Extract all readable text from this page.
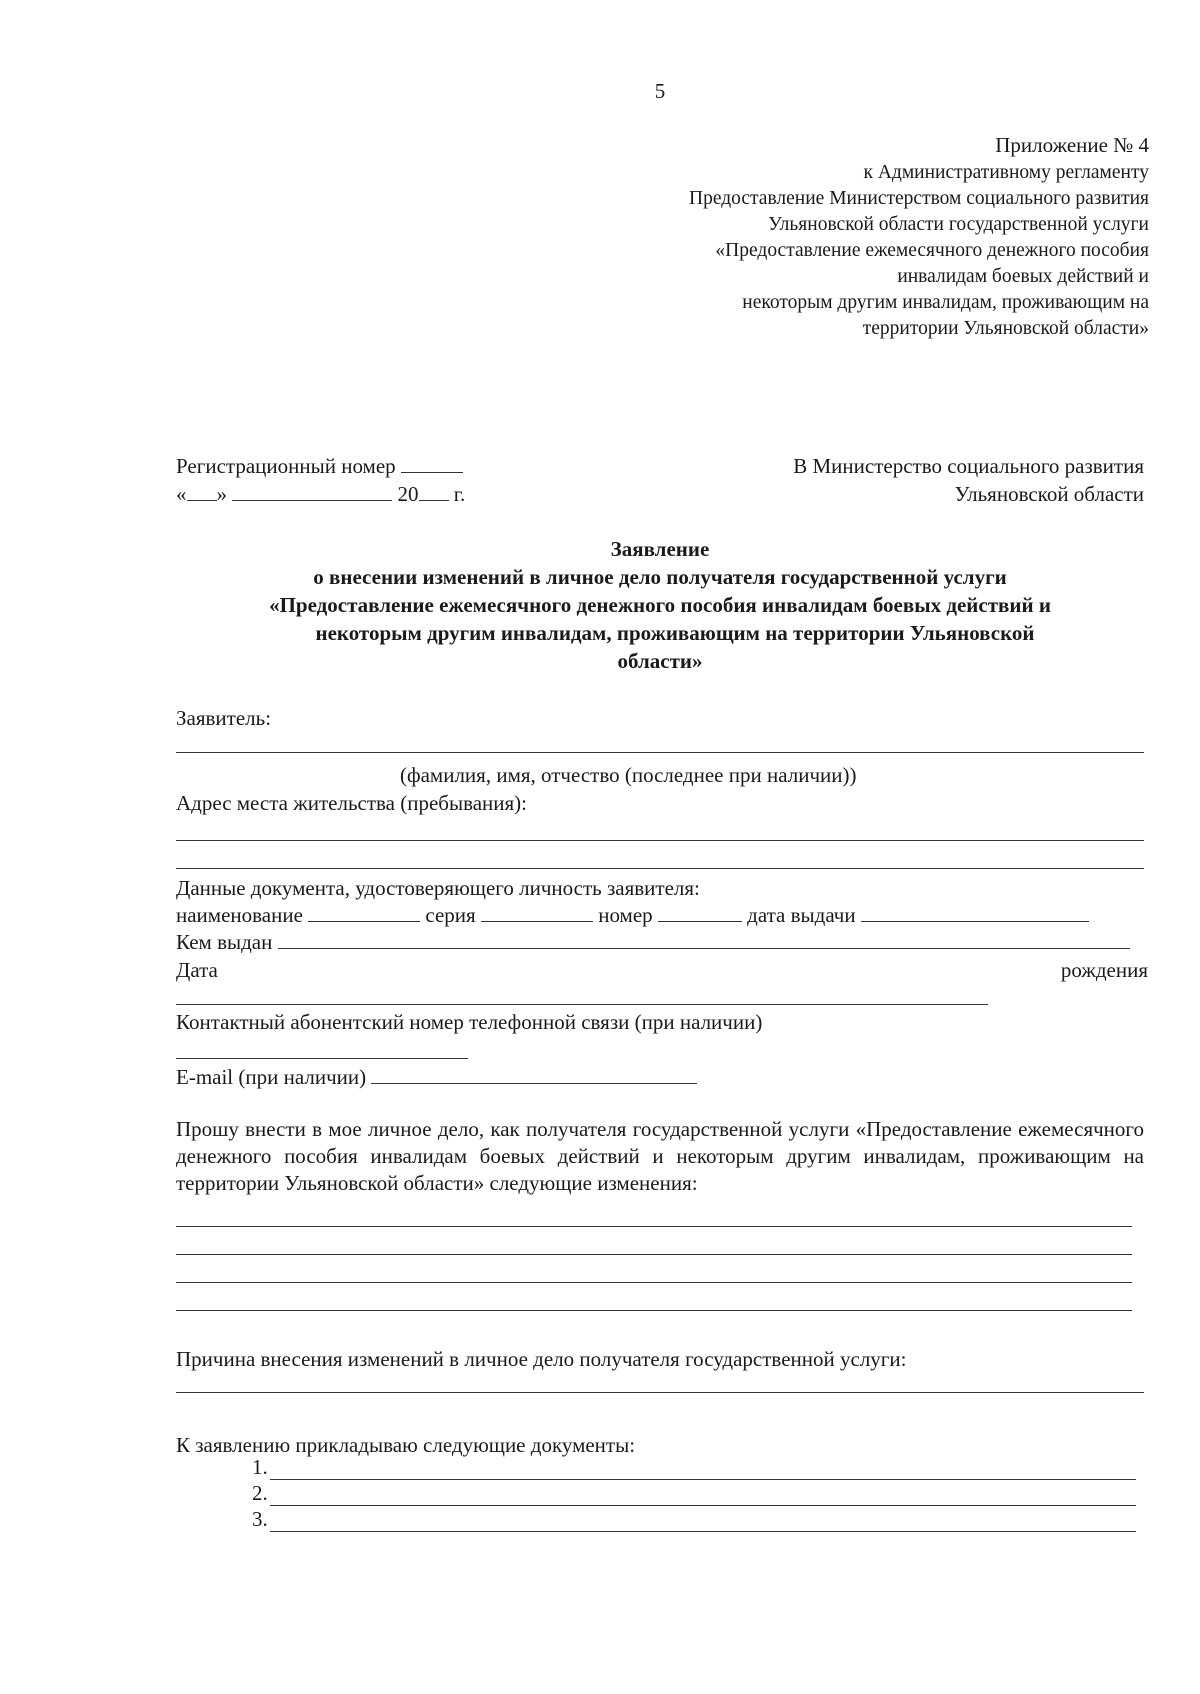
5
Приложение № 4
к Административному регламенту
Предоставление Министерством социального развития
Ульяновской области государственной услуги
«Предоставление ежемесячного денежного пособия
инвалидам боевых действий и
некоторым другим инвалидам, проживающим на
территории Ульяновской области»
Регистрационный номер
« »	20 г.
В Министерство социального развития
Ульяновской области
Заявление
о внесении изменений в личное дело получателя государственной услуги
«Предоставление ежемесячного денежного пособия инвалидам боевых действий и
некоторым другим инвалидам, проживающим на территории Ульяновской
области»
Заявитель:
(фамилия, имя, отчество (последнее при наличии))
Адрес места жительства (пребывания):
Данные документа, удостоверяющего личность заявителя:
наименование	серия	номер	дата выдачи
Кем выдан
Дата	рождения
Контактный абонентский номер телефонной связи (при наличии)
E-mail (при наличии)
Прошу внести в мое личное дело, как получателя государственной услуги «Предоставление ежемесячного денежного пособия инвалидам боевых действий и некоторым другим инвалидам, проживающим на территории Ульяновской области» следующие изменения:
Причина внесения изменений в личное дело получателя государственной услуги:
К заявлению прикладываю следующие документы:
1.
2.
3.
